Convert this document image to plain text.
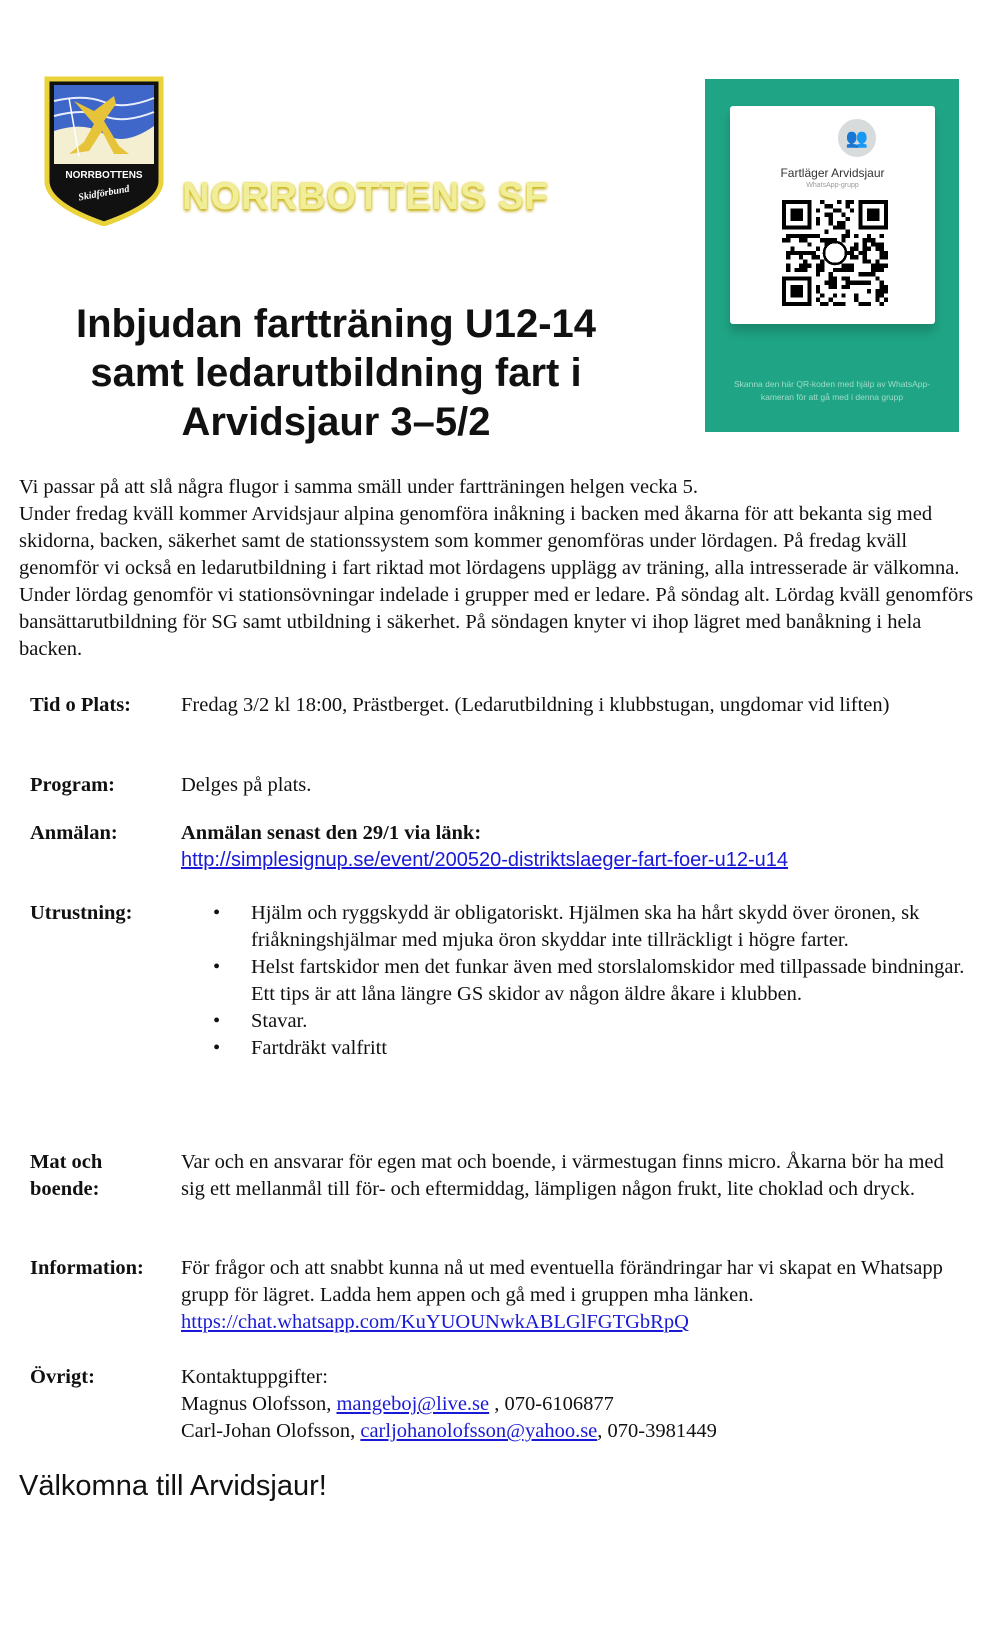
NORRBOTTENS
Skidförbund NORRBOTTENS SF
👥
Fartläger Arvidsjaur
WhatsApp-grupp
Skanna den här QR-koden med hjälp av WhatsApp-kameran för att gå med i denna grupp
Inbjudan fartträning U12-14
samt ledarutbildning fart i
Arvidsjaur 3–5/2
Vi passar på att slå några flugor i samma smäll under fartträningen helgen vecka 5.
Under fredag kväll kommer Arvidsjaur alpina genomföra inåkning i backen med åkarna för att bekanta sig med skidorna, backen, säkerhet samt de stationssystem som kommer genomföras under lördagen. På fredag kväll genomför vi också en ledarutbildning i fart riktad mot lördagens upplägg av träning, alla intresserade är välkomna. Under lördag genomför vi stationsövningar indelade i grupper med er ledare. På söndag alt. Lördag kväll genomförs bansättarutbildning för SG samt utbildning i säkerhet. På söndagen knyter vi ihop lägret med banåkning i hela backen.
Tid o Plats:	Fredag 3/2 kl 18:00, Prästberget. (Ledarutbildning i klubbstugan, ungdomar vid liften)
Program:	Delges på plats.
Anmälan:	Anmälan senast den 29/1 via länk:
http://simplesignup.se/event/200520-distriktslaeger-fart-foer-u12-u14
Utrustning:	• Hjälm och ryggskydd är obligatoriskt. Hjälmen ska ha hårt skydd över öronen, sk friåkningshjälmar med mjuka öron skyddar inte tillräckligt i högre farter.
• Helst fartskidor men det funkar även med storslalomskidor med tillpassade bindningar. Ett tips är att låna längre GS skidor av någon äldre åkare i klubben.
• Stavar.
• Fartdräkt valfritt
Mat och
boende:
Var och en ansvarar för egen mat och boende, i värmestugan finns micro. Åkarna bör ha med sig ett mellanmål till för- och eftermiddag, lämpligen någon frukt, lite choklad och dryck.
Information:	För frågor och att snabbt kunna nå ut med eventuella förändringar har vi skapat en Whatsapp grupp för lägret. Ladda hem appen och gå med i gruppen mha länken.
https://chat.whatsapp.com/KuYUOUNwkABLGlFGTGbRpQ
Övrigt:	Kontaktuppgifter:
Magnus Olofsson, mangeboj@live.se , 070-6106877
Carl-Johan Olofsson, carljohanolofsson@yahoo.se, 070-3981449
Välkomna till Arvidsjaur!
